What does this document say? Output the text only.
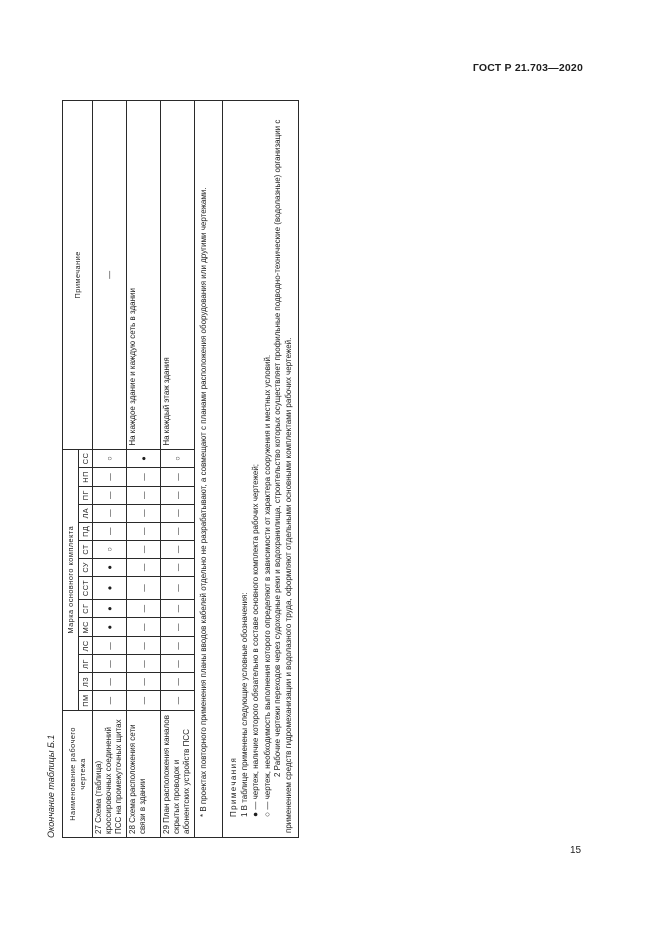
ГОСТ Р 21.703—2020
Окончание таблицы Б.1	Наименование рабочего чертежа	Марка основного комплекта														Примечание
	ПМ	ЛЗ	ЛГ	ЛС	МС	СГ	ССТ	СУ	СТ	ПД	ЛА	ПГ	НП	СС	
27 Схема (таблица) кроссировочных соединений ПСС на промежуточных щитах	—	—	—	—	●	●	●	●	○	—	—	—	—	○	—
28 Схема расположения сети связи в здании	—	—	—	—	—	—	—	—	—	—	—	—	—	●	На каждое здание и каждую сеть в здании
29 План расположения каналов скрытых проводок и абонентских устройств ПСС	—	—	—	—	—	—	—	—	—	—	—	—	—	○	На каждый этаж здания

* В проектах повторного применения планы вводов кабелей отдельно не разрабатывают, а совмещают с планами расположения оборудования или другими чертежами.															

Примечания 1 В таблице применены следующие условные обозначения: ● — чертеж, наличие которого обязательно в составе основного комплекта рабочих чертежей;

○ — чертеж, необходимость выполнения которого определяют в зависимости от характера сооружения и местных условий. 2 Рабочие чертежи переходов через судоходные реки и водохранилища, строительство которых осуществляет профильные подводно-технические (водолазные) организации с применением средств гидромеханизации и водолазного труда, оформляют отдельными основными комплектами рабочих чертежей.															

15
